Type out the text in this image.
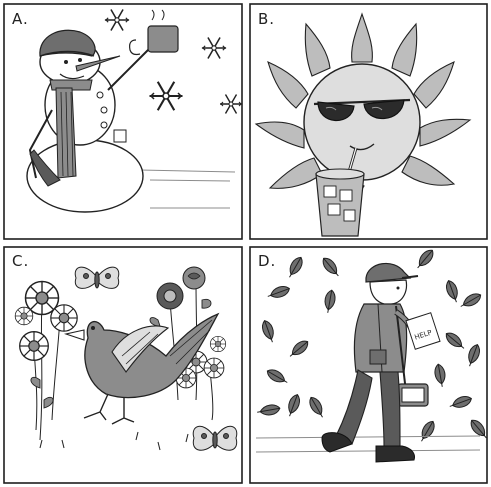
A.	B.
C.	D.
HELP
